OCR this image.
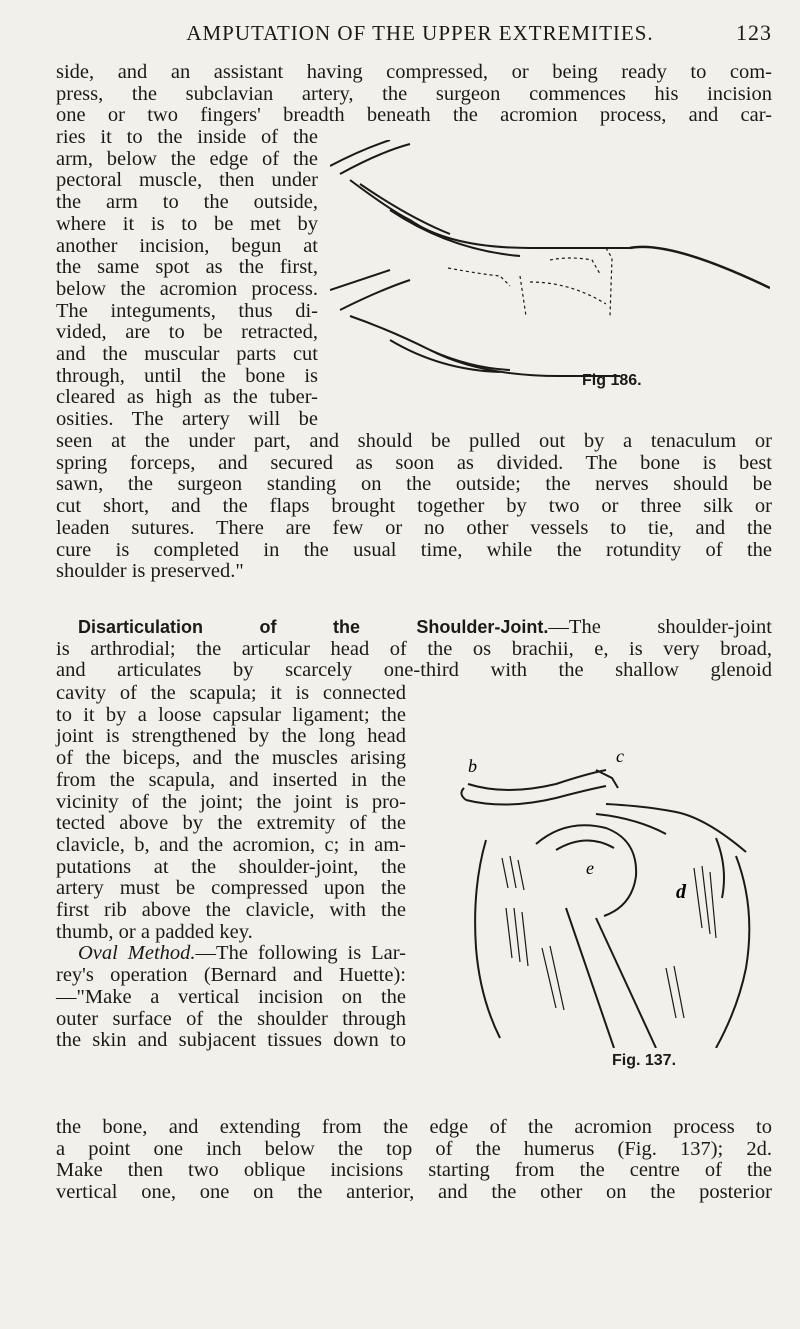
AMPUTATION OF THE UPPER EXTREMITIES.	123
side, and an assistant having compressed, or being ready to com-
press, the subclavian artery, the surgeon commences his incision
one or two fingers' breadth beneath the acromion process, and car-
ries it to the inside of the
arm, below the edge of the
pectoral muscle, then under
the arm to the outside,
where it is to be met by
another incision, begun at
the same spot as the first,
below the acromion process.
The integuments, thus di-
vided, are to be retracted,
and the muscular parts cut
through, until the bone is
cleared as high as the tuber-
osities. The artery will be
Fig 186.
seen at the under part, and should be pulled out by a tenaculum or
spring forceps, and secured as soon as divided. The bone is best
sawn, the surgeon standing on the outside; the nerves should be
cut short, and the flaps brought together by two or three silk or
leaden sutures. There are few or no other vessels to tie, and the
cure is completed in the usual time, while the rotundity of the
shoulder is preserved."
Disarticulation of the Shoulder-Joint.—The shoulder-joint
is arthrodial; the articular head of the os brachii, e, is very broad,
and articulates by scarcely one-third with the shallow glenoid
cavity of the scapula; it is connected
to it by a loose capsular ligament; the
joint is strengthened by the long head
of the biceps, and the muscles arising
from the scapula, and inserted in the
vicinity of the joint; the joint is pro-
tected above by the extremity of the
clavicle, b, and the acromion, c; in am-
putations at the shoulder-joint, the
artery must be compressed upon the
first rib above the clavicle, with the
thumb, or a padded key.
Oval Method.—The following is Lar-
rey's operation (Bernard and Huette):
—"Make a vertical incision on the
outer surface of the shoulder through
the skin and subjacent tissues down to
b	c
e
d
Fig. 137.
the bone, and extending from the edge of the acromion process to
a point one inch below the top of the humerus (Fig. 137); 2d.
Make then two oblique incisions starting from the centre of the
vertical one, one on the anterior, and the other on the posterior
